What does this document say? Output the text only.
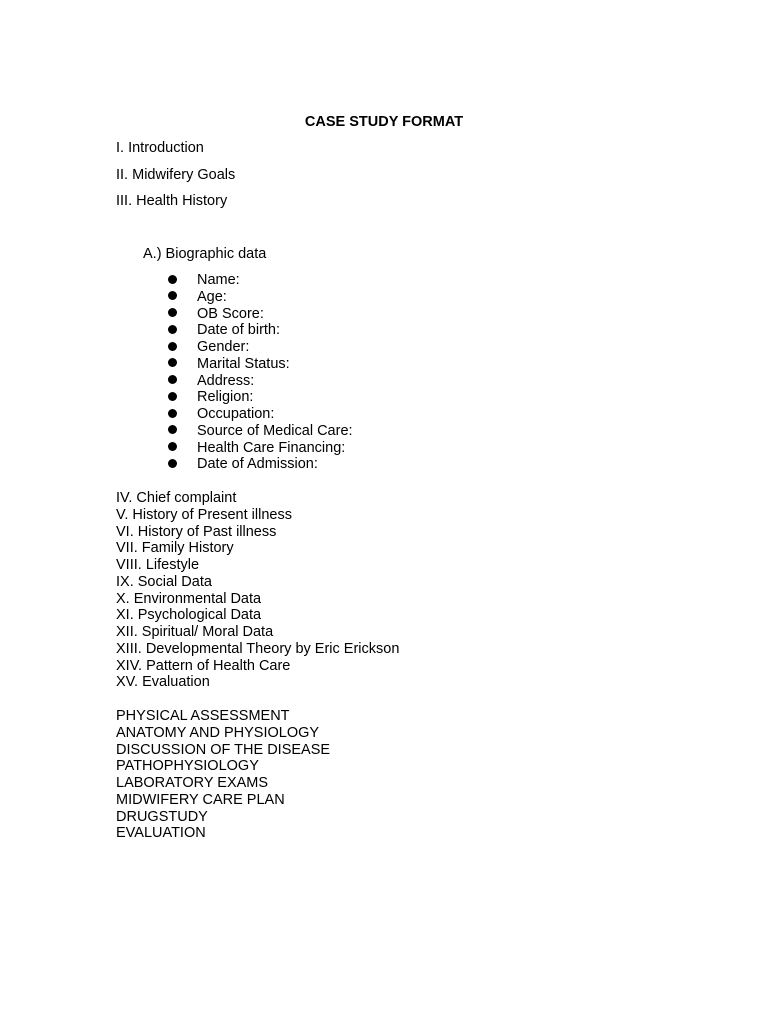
CASE STUDY FORMAT
I. Introduction
II. Midwifery Goals
III. Health History
A.) Biographic data
Name:
Age:
OB Score:
Date of birth:
Gender:
Marital Status:
Address:
Religion:
Occupation:
Source of Medical Care:
Health Care Financing:
Date of Admission:
IV. Chief complaint
V. History of Present illness
VI. History of Past illness
VII. Family History
VIII. Lifestyle
IX. Social Data
X. Environmental Data
XI. Psychological Data
XII. Spiritual/ Moral Data
XIII. Developmental Theory by Eric Erickson
XIV. Pattern of Health Care
XV. Evaluation
PHYSICAL ASSESSMENT
ANATOMY AND PHYSIOLOGY
DISCUSSION OF THE DISEASE
PATHOPHYSIOLOGY
LABORATORY EXAMS
MIDWIFERY CARE PLAN
DRUGSTUDY
EVALUATION
